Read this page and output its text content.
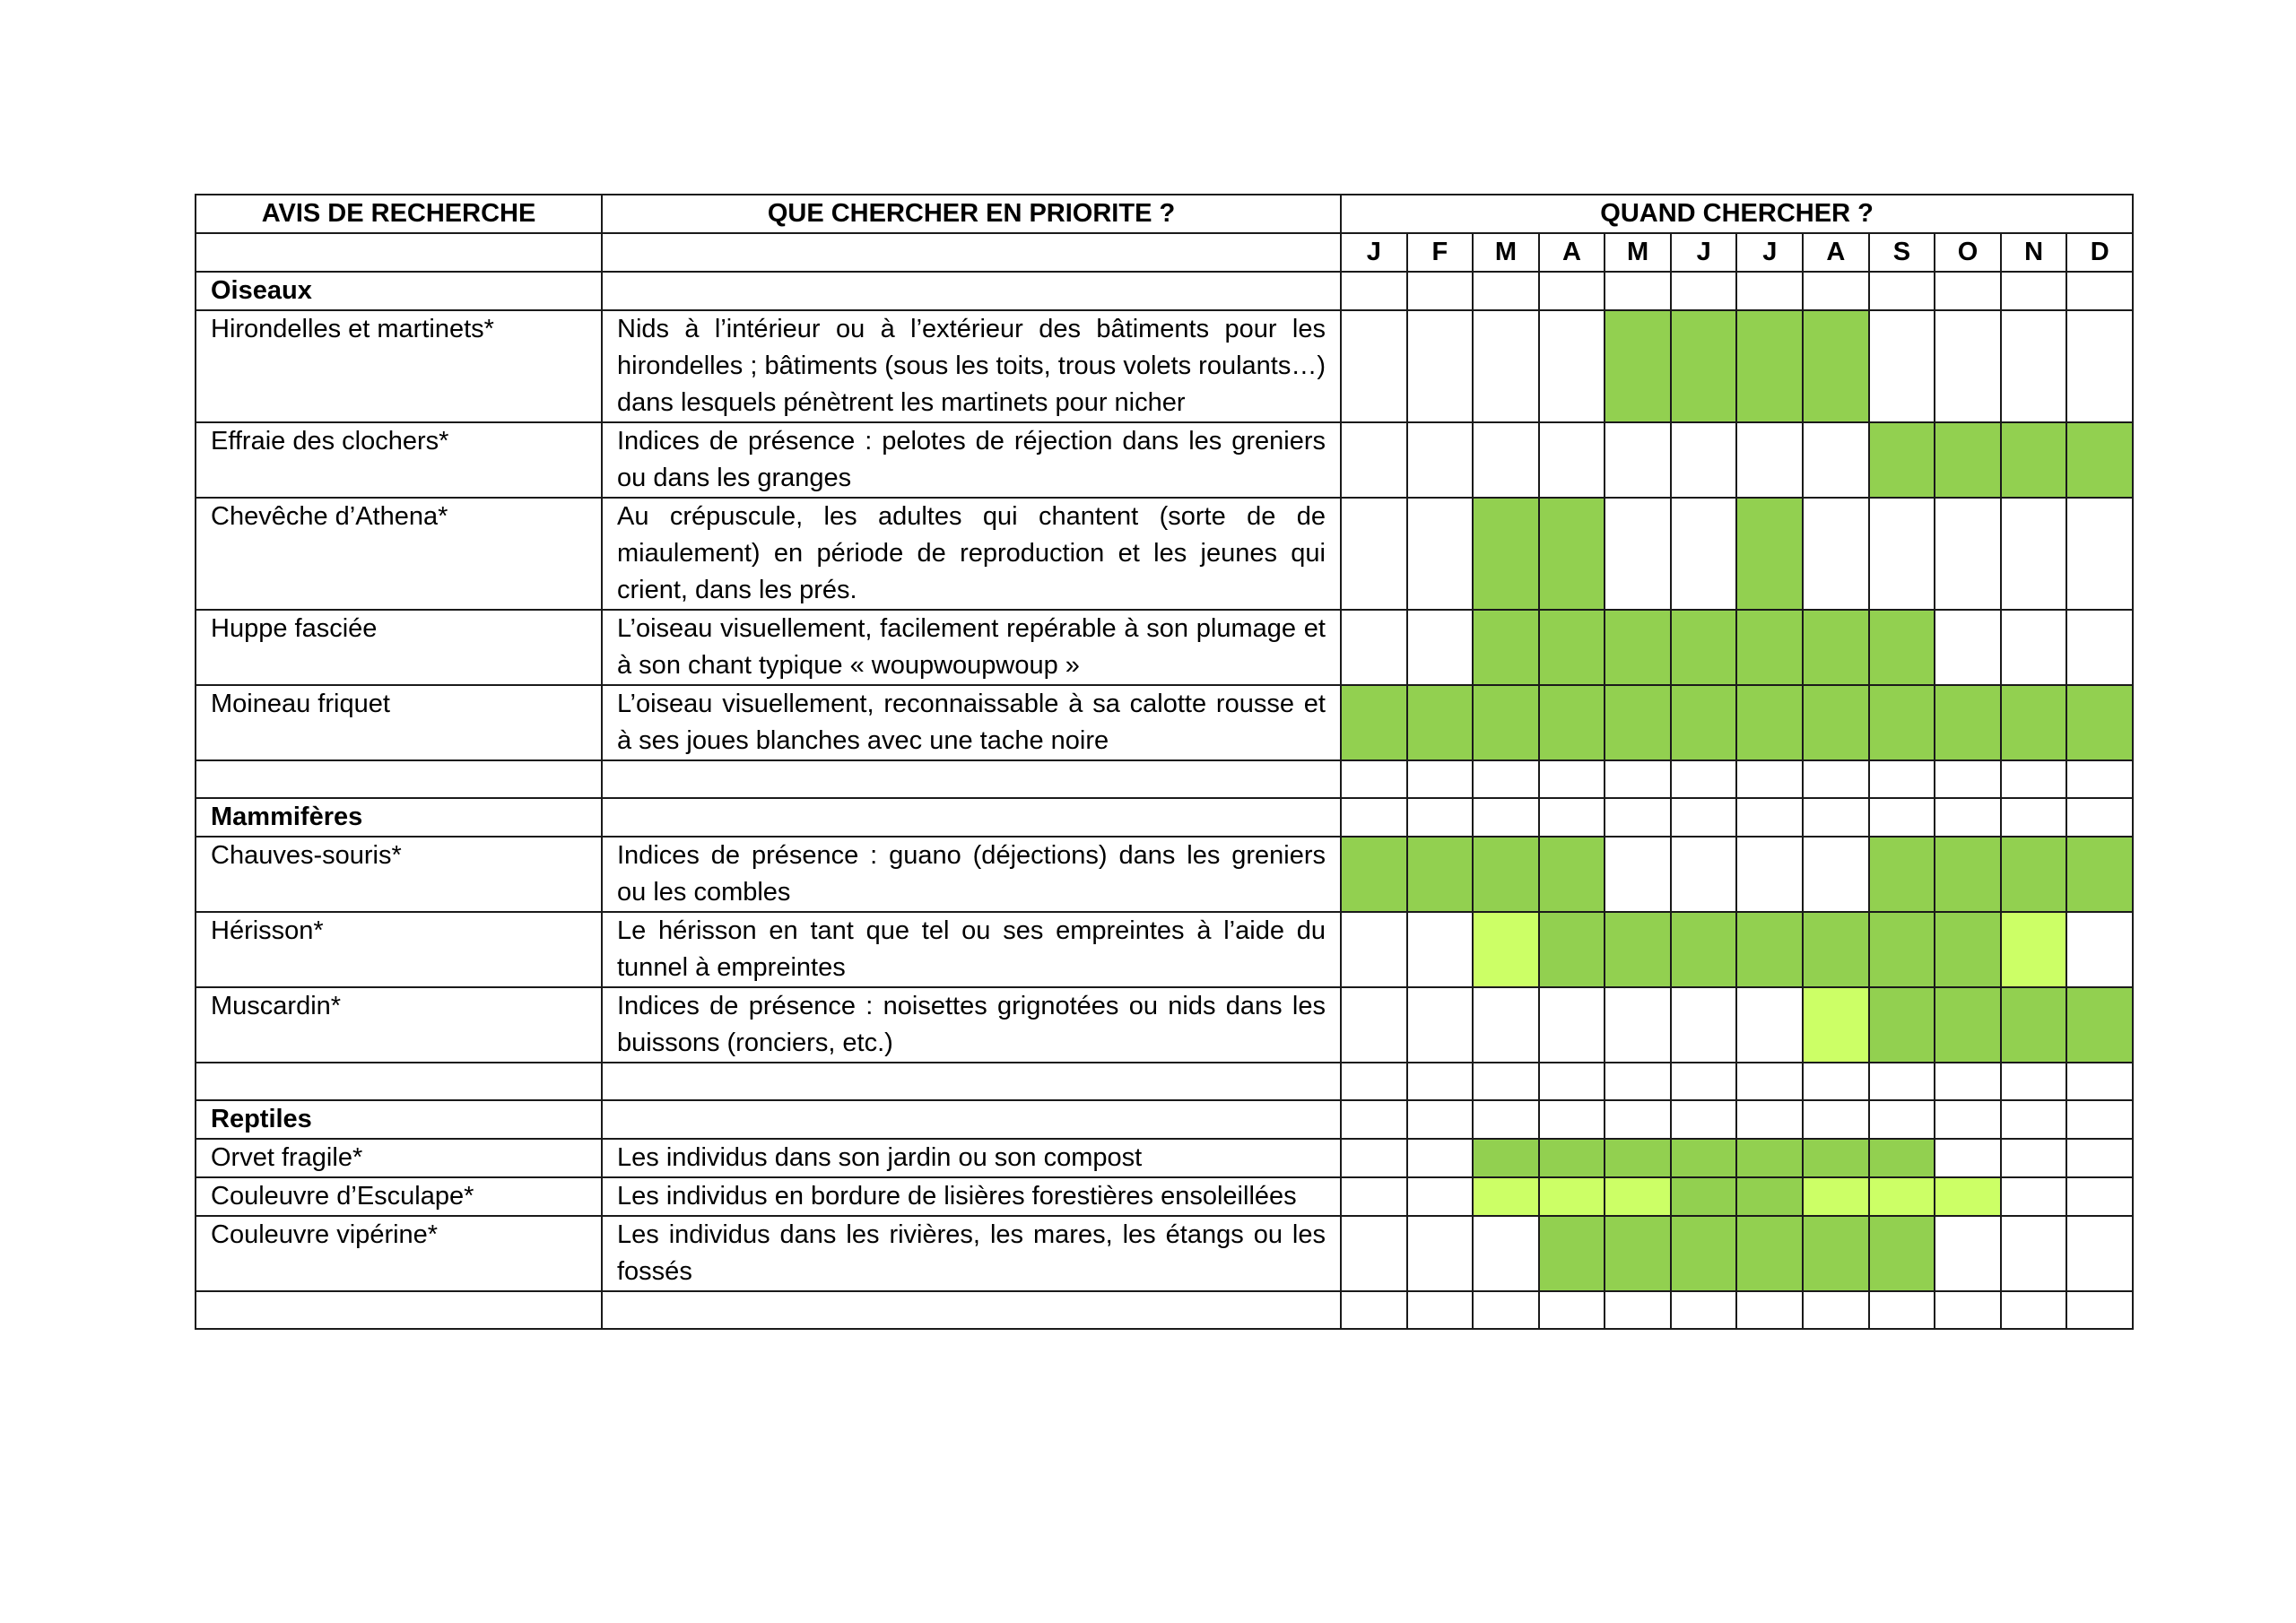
AVIS DE RECHERCHE	QUE CHERCHER EN PRIORITE ?	QUAND CHERCHER ?											
		J	F	M	A	M	J	J	A	S	O	N	D
Oiseaux													
Hirondelles et martinets*	Nids à l’intérieur ou à l’extérieur des bâtiments pour les hirondelles ; bâtiments (sous les toits, trous volets roulants…) dans lesquels pénètrent les martinets pour nicher												
Effraie des clochers*	Indices de présence : pelotes de réjection dans les greniers ou dans les granges												
Chevêche d’Athena*	Au crépuscule, les adultes qui chantent (sorte de de miaulement) en période de reproduction et les jeunes qui crient, dans les prés.												
Huppe fasciée	L’oiseau visuellement, facilement repérable à son plumage et à son chant typique « woupwoupwoup »												
Moineau friquet	L’oiseau visuellement, reconnaissable à sa calotte rousse et à ses joues blanches avec une tache noire												

Mammifères													
Chauves-souris*	Indices de présence : guano (déjections) dans les greniers ou les combles												
Hérisson*	Le hérisson en tant que tel ou ses empreintes à l’aide du tunnel à empreintes												
Muscardin*	Indices de présence : noisettes grignotées ou nids dans les buissons (ronciers, etc.)												

Reptiles													
Orvet fragile*	Les individus dans son jardin ou son compost												
Couleuvre d’Esculape*	Les individus en bordure de lisières forestières ensoleillées												
Couleuvre vipérine*	Les individus dans les rivières, les mares, les étangs ou les fossés												
